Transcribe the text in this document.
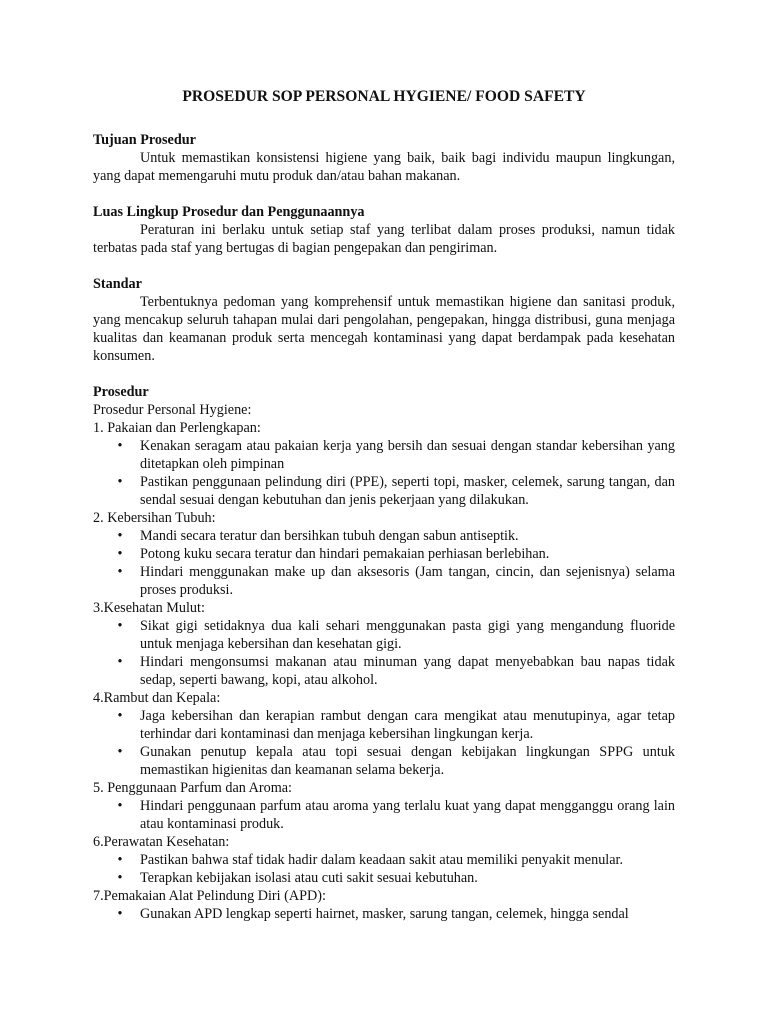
PROSEDUR SOP PERSONAL HYGIENE/ FOOD SAFETY
Tujuan Prosedur
Untuk memastikan konsistensi higiene yang baik, baik bagi individu maupun lingkungan, yang dapat memengaruhi mutu produk dan/atau bahan makanan.
Luas Lingkup Prosedur dan Penggunaannya
Peraturan ini berlaku untuk setiap staf yang terlibat dalam proses produksi, namun tidak terbatas pada staf yang bertugas di bagian pengepakan dan pengiriman.
Standar
Terbentuknya pedoman yang komprehensif untuk memastikan higiene dan sanitasi produk, yang mencakup seluruh tahapan mulai dari pengolahan, pengepakan, hingga distribusi, guna menjaga kualitas dan keamanan produk serta mencegah kontaminasi yang dapat berdampak pada kesehatan konsumen.
Prosedur
Prosedur Personal Hygiene:
1. Pakaian dan Perlengkapan:
• Kenakan seragam atau pakaian kerja yang bersih dan sesuai dengan standar kebersihan yang ditetapkan oleh pimpinan
• Pastikan penggunaan pelindung diri (PPE), seperti topi, masker, celemek, sarung tangan, dan sendal sesuai dengan kebutuhan dan jenis pekerjaan yang dilakukan.
2. Kebersihan Tubuh:
• Mandi secara teratur dan bersihkan tubuh dengan sabun antiseptik.
• Potong kuku secara teratur dan hindari pemakaian perhiasan berlebihan.
• Hindari menggunakan make up dan aksesoris (Jam tangan, cincin, dan sejenisnya) selama proses produksi.
3.Kesehatan Mulut:
• Sikat gigi setidaknya dua kali sehari menggunakan pasta gigi yang mengandung fluoride untuk menjaga kebersihan dan kesehatan gigi.
• Hindari mengonsumsi makanan atau minuman yang dapat menyebabkan bau napas tidak sedap, seperti bawang, kopi, atau alkohol.
4.Rambut dan Kepala:
• Jaga kebersihan dan kerapian rambut dengan cara mengikat atau menutupinya, agar tetap terhindar dari kontaminasi dan menjaga kebersihan lingkungan kerja.
• Gunakan penutup kepala atau topi sesuai dengan kebijakan lingkungan SPPG untuk memastikan higienitas dan keamanan selama bekerja.
5. Penggunaan Parfum dan Aroma:
• Hindari penggunaan parfum atau aroma yang terlalu kuat yang dapat mengganggu orang lain atau kontaminasi produk.
6.Perawatan Kesehatan:
• Pastikan bahwa staf tidak hadir dalam keadaan sakit atau memiliki penyakit menular.
• Terapkan kebijakan isolasi atau cuti sakit sesuai kebutuhan.
7.Pemakaian Alat Pelindung Diri (APD):
• Gunakan APD lengkap seperti hairnet, masker, sarung tangan, celemek, hingga sendal
